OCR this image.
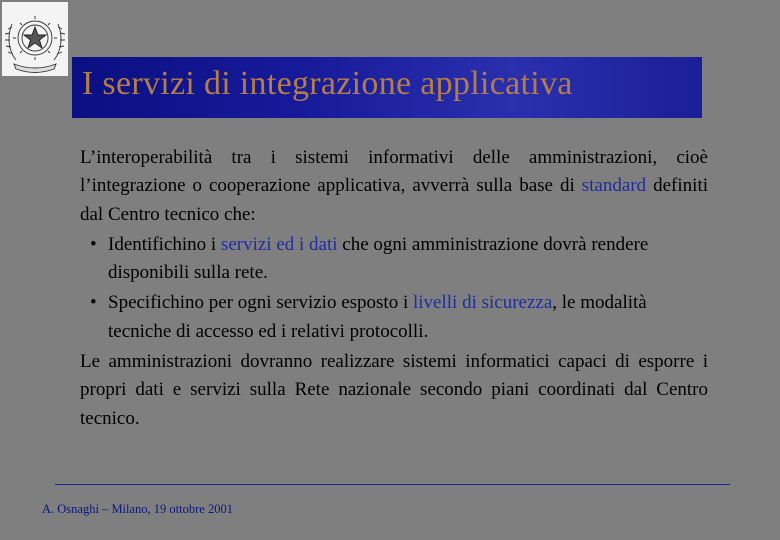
I servizi di integrazione applicativa

L’interoperabilità tra i sistemi informativi delle amministrazioni, cioè l’integrazione o cooperazione applicativa, avverrà sulla base di standard definiti dal Centro tecnico che:

• Identifichino i servizi ed i dati che ogni amministrazione dovrà rendere disponibili sulla rete.

• Specifichino per ogni servizio esposto i livelli di sicurezza, le modalità tecniche di accesso ed i relativi protocolli.

Le amministrazioni dovranno realizzare sistemi informatici capaci di esporre i propri dati e servizi sulla Rete nazionale secondo piani coordinati dal Centro tecnico.

A. Osnaghi – Milano, 19 ottobre 2001
